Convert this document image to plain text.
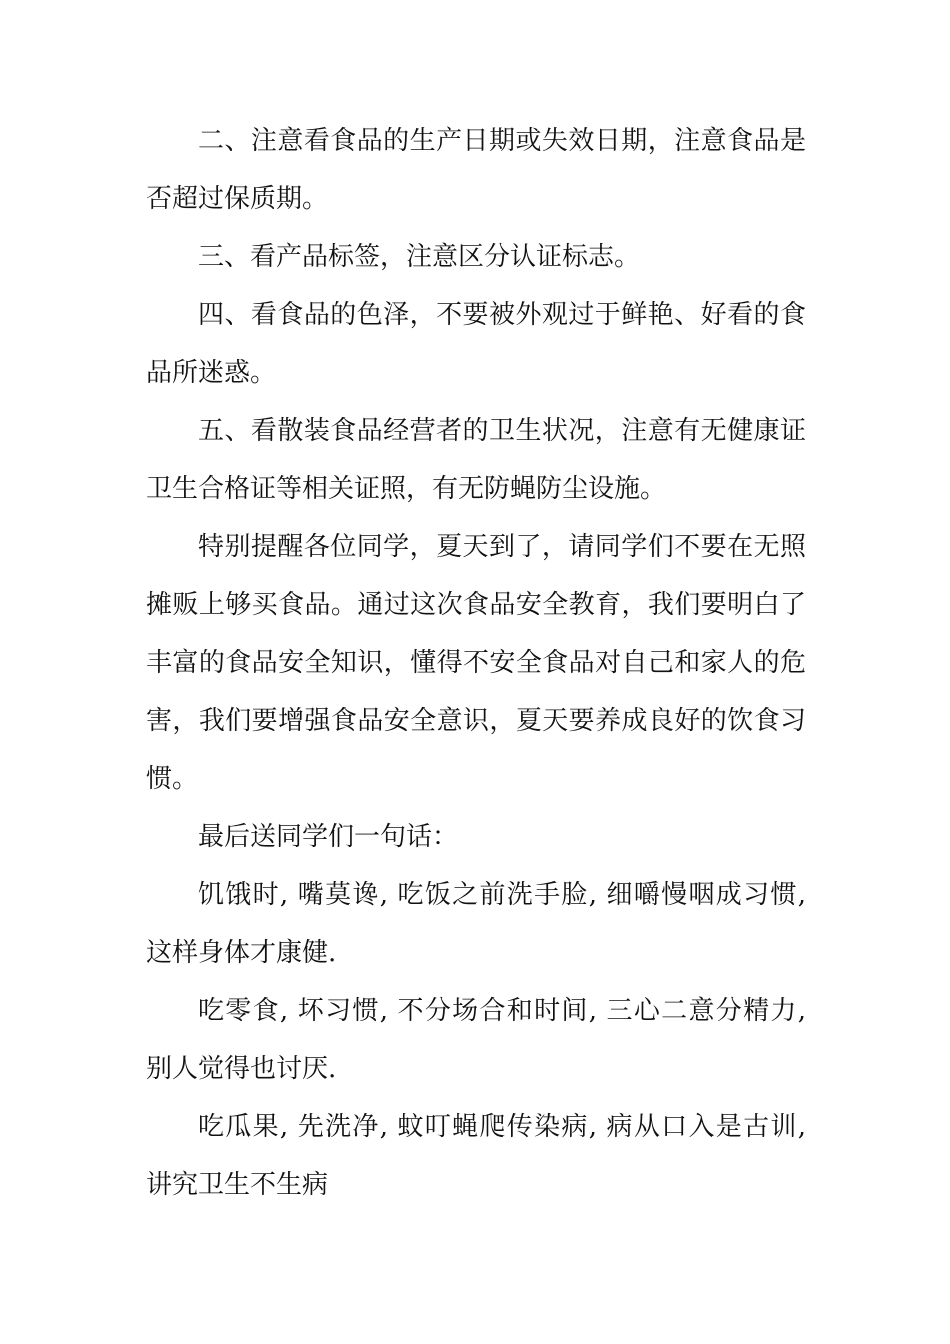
二、注意看食品的生产日期或失效日期，注意食品是否超过保质期。

三、看产品标签，注意区分认证标志。

四、看食品的色泽，不要被外观过于鲜艳、好看的食品所迷惑。

五、看散装食品经营者的卫生状况，注意有无健康证卫生合格证等相关证照，有无防蝇防尘设施。

特别提醒各位同学，夏天到了，请同学们不要在无照摊贩上够买食品。通过这次食品安全教育，我们要明白了丰富的食品安全知识，懂得不安全食品对自己和家人的危害，我们要增强食品安全意识，夏天要养成良好的饮食习惯。

最后送同学们一句话：

饥饿时, 嘴莫谗, 吃饭之前洗手脸, 细嚼慢咽成习惯, 这样身体才康健.

吃零食, 坏习惯, 不分场合和时间, 三心二意分精力, 别人觉得也讨厌.

吃瓜果, 先洗净, 蚊叮蝇爬传染病, 病从口入是古训, 讲究卫生不生病
